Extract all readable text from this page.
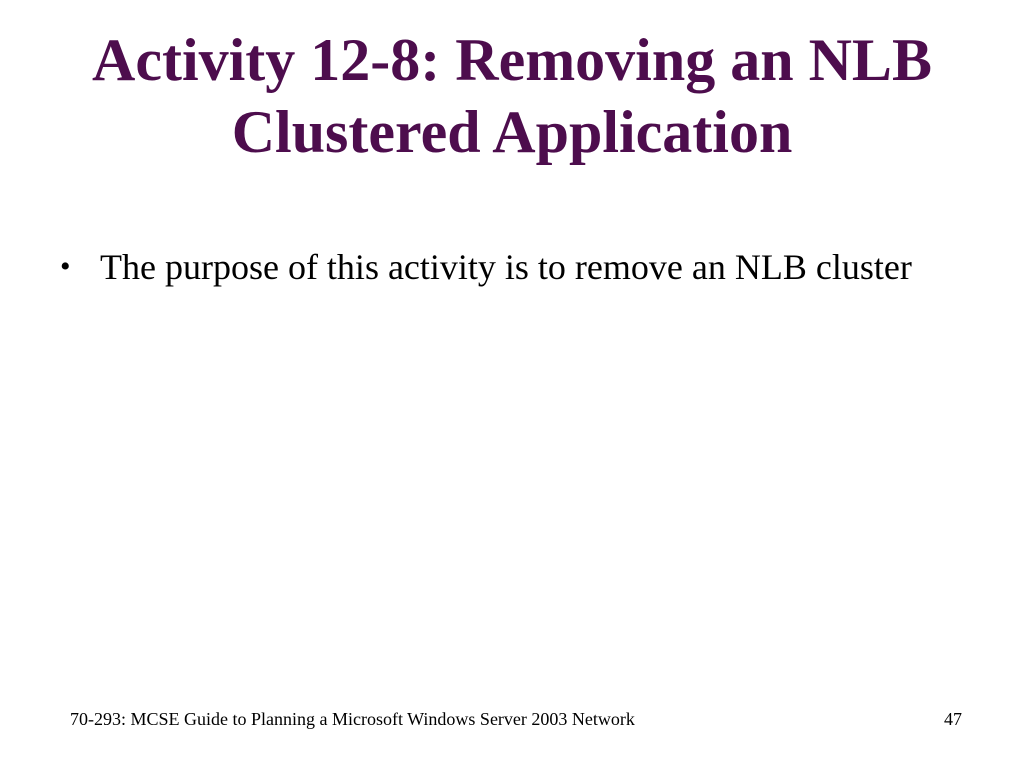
Activity 12-8: Removing an NLB
Clustered Application
• The purpose of this activity is to remove an NLB cluster
70-293: MCSE Guide to Planning a Microsoft Windows Server 2003 Network	47
